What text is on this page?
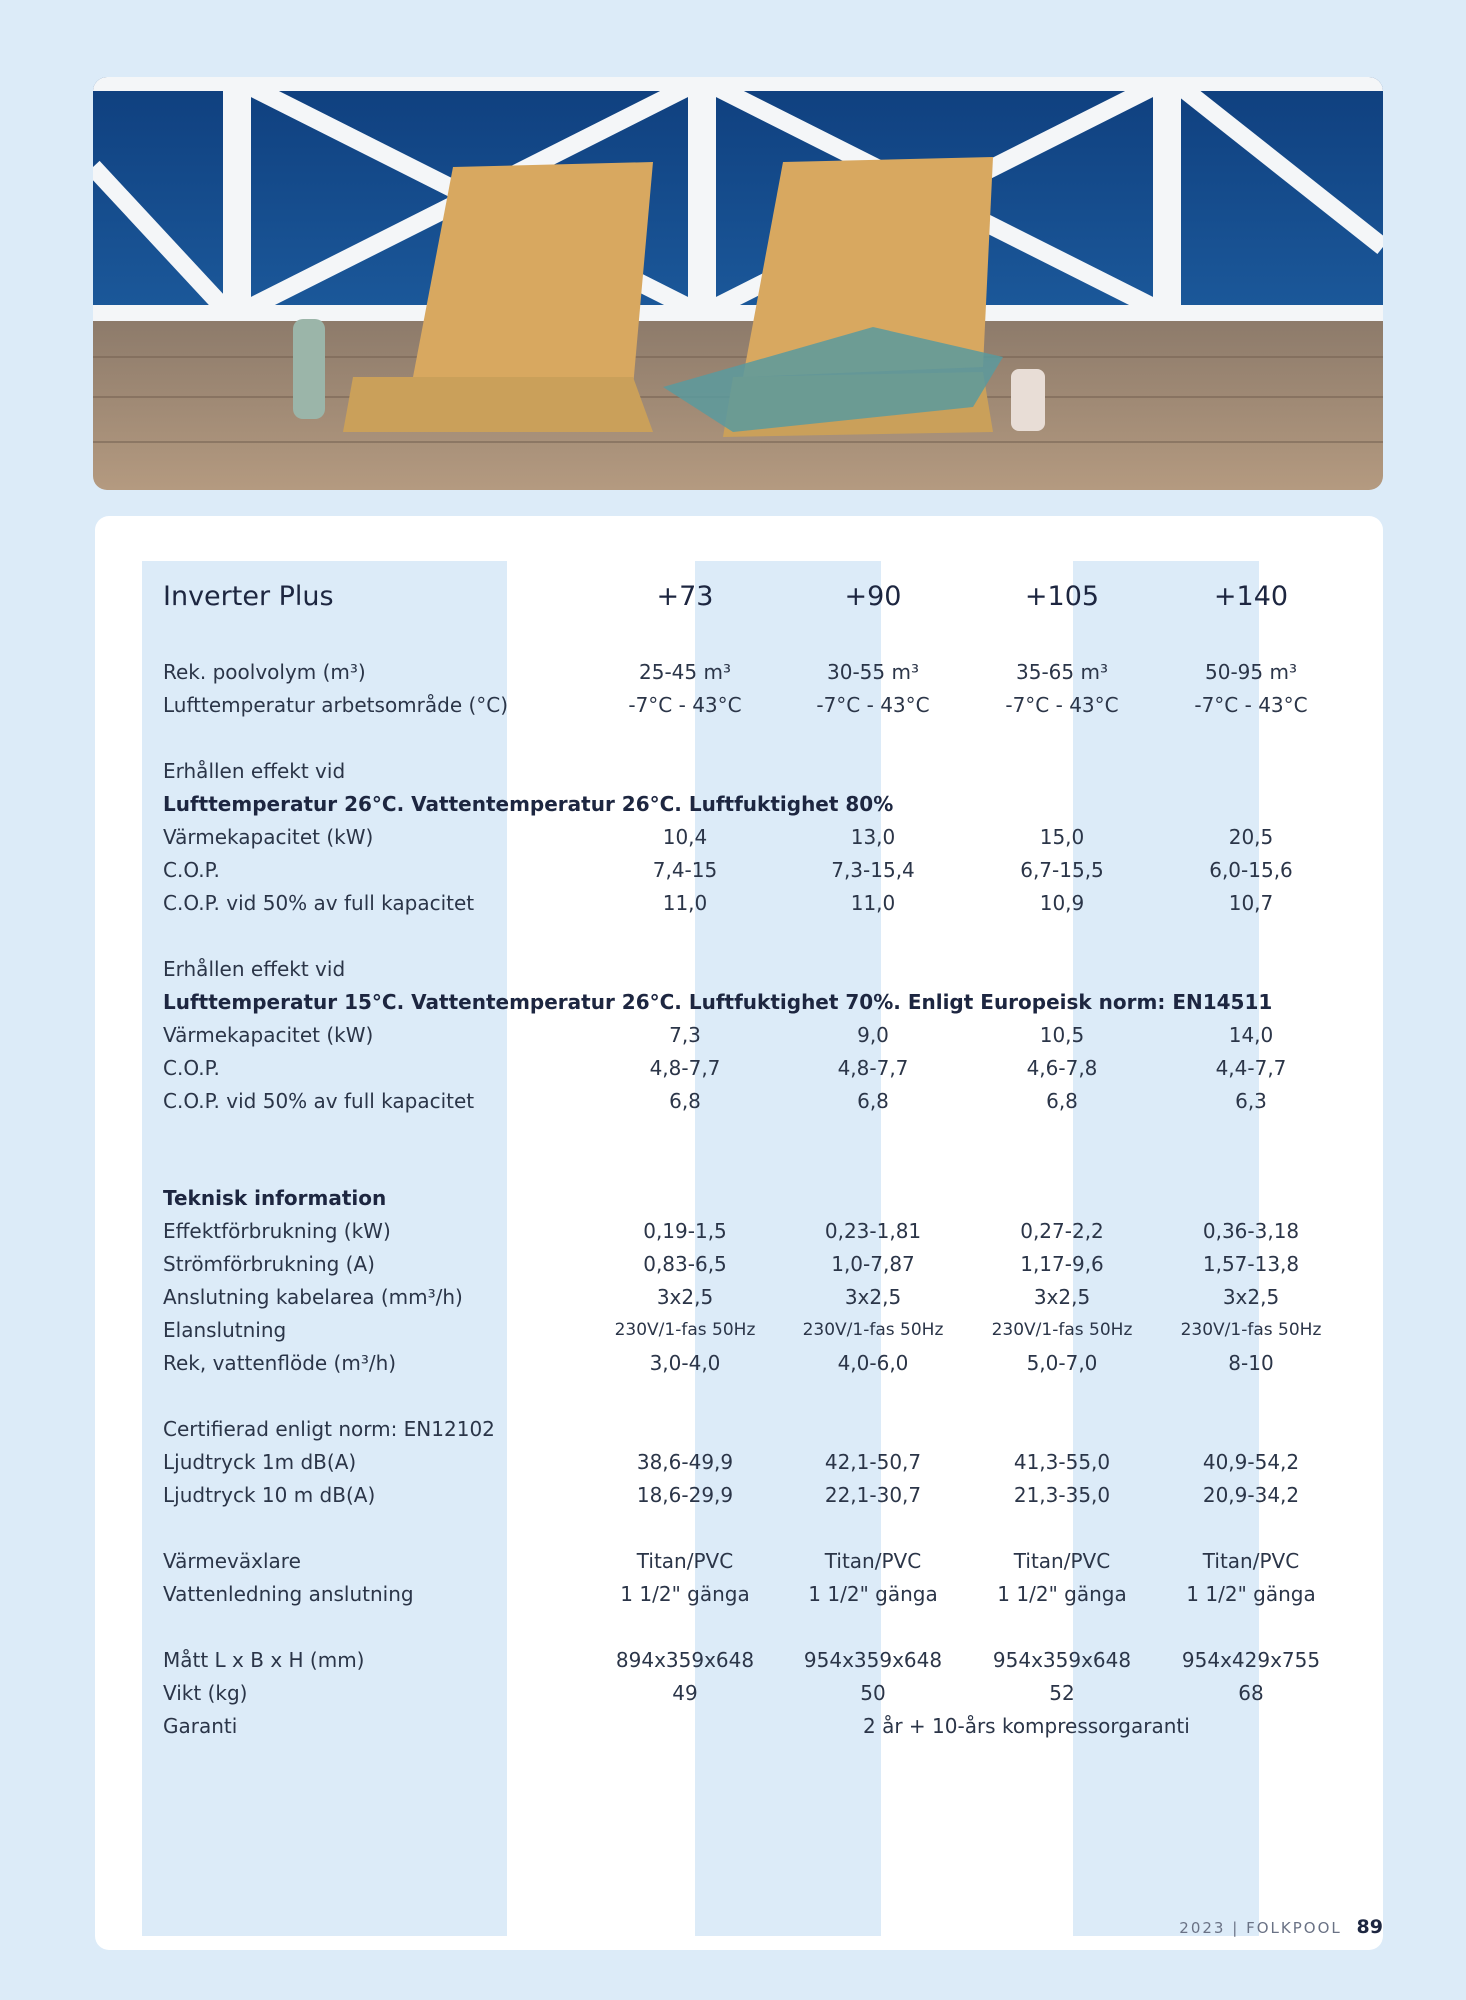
Inverter Plus	+73	+90	+105	+140
Rek. poolvolym (m³)	25-45 m³	30-55 m³	35-65 m³	50-95 m³
Lufttemperatur arbetsområde (°C)	-7°C - 43°C	-7°C - 43°C	-7°C - 43°C	-7°C - 43°C
Erhållen effekt vid
Lufttemperatur 26°C. Vattentemperatur 26°C. Luftfuktighet 80%
Värmekapacitet (kW)	10,4	13,0	15,0	20,5
C.O.P.	7,4-15	7,3-15,4	6,7-15,5	6,0-15,6
C.O.P. vid 50% av full kapacitet	11,0	11,0	10,9	10,7
Erhållen effekt vid
Lufttemperatur 15°C. Vattentemperatur 26°C. Luftfuktighet 70%. Enligt Europeisk norm: EN14511
Värmekapacitet (kW)	7,3	9,0	10,5	14,0
C.O.P.	4,8-7,7	4,8-7,7	4,6-7,8	4,4-7,7
C.O.P. vid 50% av full kapacitet	6,8	6,8	6,8	6,3
Teknisk information
Effektförbrukning (kW)	0,19-1,5	0,23-1,81	0,27-2,2	0,36-3,18
Strömförbrukning (A)	0,83-6,5	1,0-7,87	1,17-9,6	1,57-13,8
Anslutning kabelarea (mm³/h)	3x2,5	3x2,5	3x2,5	3x2,5
Elanslutning	230V/1-fas 50Hz	230V/1-fas 50Hz	230V/1-fas 50Hz	230V/1-fas 50Hz
Rek, vattenflöde (m³/h)	3,0-4,0	4,0-6,0	5,0-7,0	8-10
Certifierad enligt norm: EN12102
Ljudtryck 1m dB(A)	38,6-49,9	42,1-50,7	41,3-55,0	40,9-54,2
Ljudtryck 10 m dB(A)	18,6-29,9	22,1-30,7	21,3-35,0	20,9-34,2
Värmeväxlare	Titan/PVC	Titan/PVC	Titan/PVC	Titan/PVC
Vattenledning anslutning	1 1/2" gänga	1 1/2" gänga	1 1/2" gänga	1 1/2" gänga
Mått L x B x H (mm)	894x359x648	954x359x648	954x359x648	954x429x755
Vikt (kg)	49	50	52	68
Garanti	2 år + 10-års kompressorgaranti
2023 | FOLKPOOL 89
